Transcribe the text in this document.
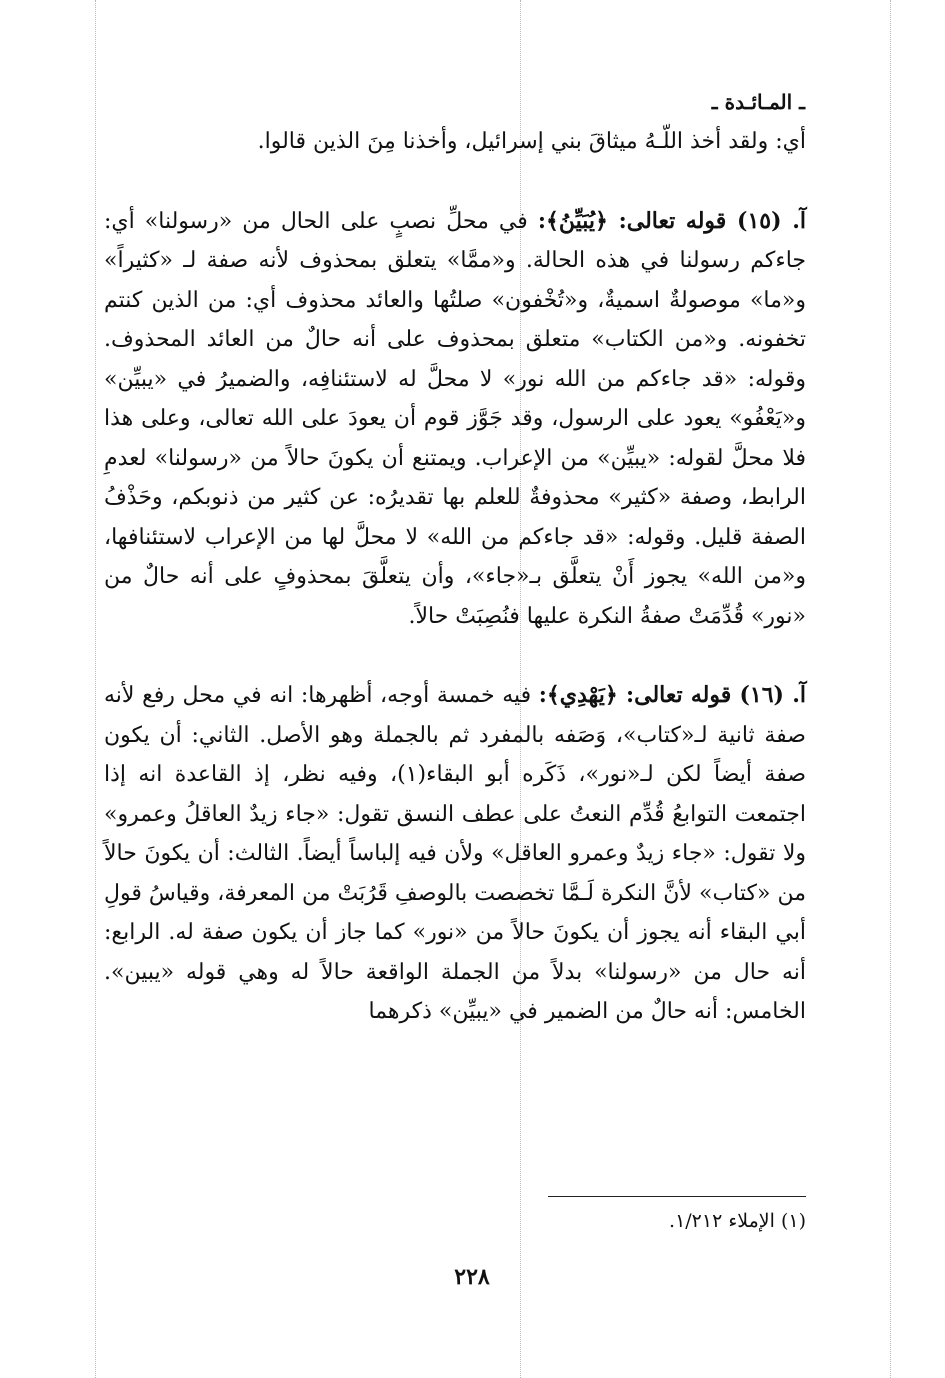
ـ المـائـدة ـ

أي: ولقد أخذ اللّـهُ ميثاقَ بني إسرائيل، وأخذنا مِنَ الذين قالوا.

آ. (١٥) قوله تعالى: ﴿يُبَيِّنُ﴾: في محلِّ نصبٍ على الحال من «رسولنا» أي: جاءكم رسولنا في هذه الحالة. و«ممَّا» يتعلق بمحذوف لأنه صفة لـ «كثيراً» و«ما» موصولةٌ اسميةٌ، و«تُخْفون» صلتُها والعائد محذوف أي: من الذين كنتم تخفونه. و«من الكتاب» متعلق بمحذوف على أنه حالٌ من العائد المحذوف. وقوله: «قد جاءكم من الله نور» لا محلَّ له لاستئنافِه، والضميرُ في «يبيِّن» و«يَعْفُو» يعود على الرسول، وقد جَوَّز قوم أن يعودَ على الله تعالى، وعلى هذا فلا محلَّ لقوله: «يبيِّن» من الإعراب. ويمتنع أن يكونَ حالاً من «رسولنا» لعدمِ الرابط، وصفة «كثير» محذوفةٌ للعلم بها تقديرُه: عن كثير من ذنوبكم، وحَذْفُ الصفة قليل. وقوله: «قد جاءكم من الله» لا محلَّ لها من الإعراب لاستئنافها، و«من الله» يجوز أَنْ يتعلَّق بـ«جاء»، وأن يتعلَّقَ بمحذوفٍ على أنه حالٌ من «نور» قُدِّمَتْ صفةُ النكرة عليها فنُصِبَتْ حالاً.

آ. (١٦) قوله تعالى: ﴿يَهْدِي﴾: فيه خمسة أوجه، أظهرها: انه في محل رفع لأنه صفة ثانية لـ«كتاب»، وَصَفه بالمفرد ثم بالجملة وهو الأصل. الثاني: أن يكون صفة أيضاً لكن لـ«نور»، ذَكَره أبو البقاء(١)، وفيه نظر، إذ القاعدة انه إذا اجتمعت التوابعُ قُدِّم النعتُ على عطف النسق تقول: «جاء زيدٌ العاقلُ وعمرو» ولا تقول: «جاء زيدٌ وعمرو العاقل» ولأن فيه إلباساً أيضاً. الثالث: أن يكونَ حالاً من «كتاب» لأنَّ النكرة لَـمَّا تخصصت بالوصفِ قَرُبَتْ من المعرفة، وقياسُ قولِ أبي البقاء أنه يجوز أن يكونَ حالاً من «نور» كما جاز أن يكون صفة له. الرابع: أنه حال من «رسولنا» بدلاً من الجملة الواقعة حالاً له وهي قوله «يبين». الخامس: أنه حالٌ من الضمير في «يبيِّن» ذكرهما

(١) الإملاء ١/٢١٢.
٢٢٨
